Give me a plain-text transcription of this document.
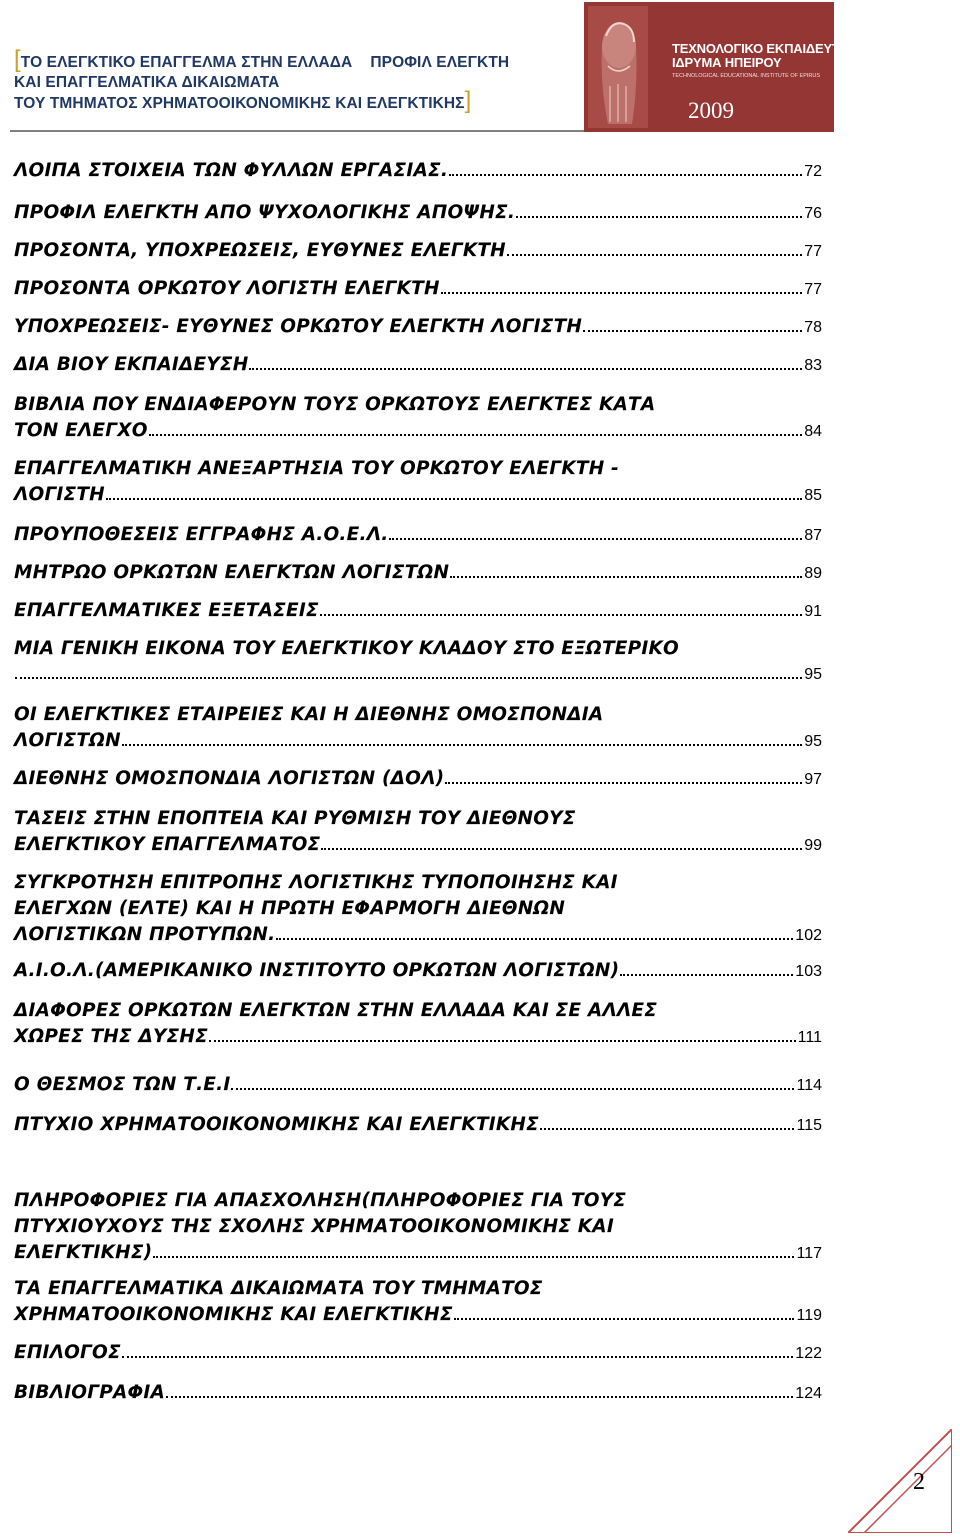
[ΤΟ ΕΛΕΓΚΤΙΚΟ ΕΠΑΓΓΕΛΜΑ ΣΤΗΝ ΕΛΛΑΔΑ ΠΡΟΦΙΛ ΕΛΕΓΚΤΗ
ΚΑΙ ΕΠΑΓΓΕΛΜΑΤΙΚΑ ΔΙΚΑΙΩΜΑΤΑ
ΤΟΥ ΤΜΗΜΑΤΟΣ ΧΡΗΜΑΤΟΟΙΚΟΝΟΜΙΚΗΣ ΚΑΙ ΕΛΕΓΚΤΙΚΗΣ]
ΤΕΧΝΟΛΟΓΙΚΟ ΕΚΠΑΙΔΕΥΤΙΚΟ
ΙΔΡΥΜΑ ΗΠΕΙΡΟΥ
TECHNOLOGICAL EDUCATIONAL INSTITUTE OF EPIRUS
2009
ΛΟΙΠΑ ΣΤΟΙΧΕΙΑ ΤΩΝ ΦΥΛΛΩΝ ΕΡΓΑΣΙΑΣ.	72
ΠΡΟΦΙΛ ΕΛΕΓΚΤΗ ΑΠΟ ΨΥΧΟΛΟΓΙΚΗΣ ΑΠΟΨΗΣ.	76
ΠΡΟΣΟΝΤΑ, ΥΠΟΧΡΕΩΣΕΙΣ, ΕΥΘΥΝΕΣ ΕΛΕΓΚΤΗ	77
ΠΡΟΣΟΝΤΑ ΟΡΚΩΤΟΥ ΛΟΓΙΣΤΗ ΕΛΕΓΚΤΗ	77
ΥΠΟΧΡΕΩΣΕΙΣ- ΕΥΘΥΝΕΣ ΟΡΚΩΤΟΥ ΕΛΕΓΚΤΗ ΛΟΓΙΣΤΗ	78
ΔΙΑ ΒΙΟΥ ΕΚΠΑΙΔΕΥΣΗ	83
ΒΙΒΛΙΑ ΠΟΥ ΕΝΔΙΑΦΕΡΟΥΝ ΤΟΥΣ ΟΡΚΩΤΟΥΣ ΕΛΕΓΚΤΕΣ ΚΑΤΑ
ΤΟΝ ΕΛΕΓΧΟ	84
ΕΠΑΓΓΕΛΜΑΤΙΚΗ ΑΝΕΞΑΡΤΗΣΙΑ ΤΟΥ ΟΡΚΩΤΟΥ ΕΛΕΓΚΤΗ -
ΛΟΓΙΣΤΗ	85
ΠΡΟΥΠΟΘΕΣΕΙΣ ΕΓΓΡΑΦΗΣ Α.Ο.Ε.Λ.	87
ΜΗΤΡΩΟ ΟΡΚΩΤΩΝ ΕΛΕΓΚΤΩΝ ΛΟΓΙΣΤΩΝ	89
ΕΠΑΓΓΕΛΜΑΤΙΚΕΣ ΕΞΕΤΑΣΕΙΣ	91
ΜΙΑ ΓΕΝΙΚΗ ΕΙΚΟΝΑ ΤΟΥ ΕΛΕΓΚΤΙΚΟΥ ΚΛΑΔΟΥ ΣΤΟ ΕΞΩΤΕΡΙΚΟ
95
ΟΙ ΕΛΕΓΚΤΙΚΕΣ ΕΤΑΙΡΕΙΕΣ ΚΑΙ Η ΔΙΕΘΝΗΣ ΟΜΟΣΠΟΝΔΙΑ
ΛΟΓΙΣΤΩΝ	95
ΔΙΕΘΝΗΣ ΟΜΟΣΠΟΝΔΙΑ ΛΟΓΙΣΤΩΝ (ΔΟΛ)	97
ΤΑΣΕΙΣ ΣΤΗΝ ΕΠΟΠΤΕΙΑ ΚΑΙ ΡΥΘΜΙΣΗ ΤΟΥ ΔΙΕΘΝΟΥΣ
ΕΛΕΓΚΤΙΚΟΥ ΕΠΑΓΓΕΛΜΑΤΟΣ	99
ΣΥΓΚΡΟΤΗΣΗ ΕΠΙΤΡΟΠΗΣ ΛΟΓΙΣΤΙΚΗΣ ΤΥΠΟΠΟΙΗΣΗΣ ΚΑΙ
ΕΛΕΓΧΩΝ (ΕΛΤΕ) ΚΑΙ Η ΠΡΩΤΗ ΕΦΑΡΜΟΓΗ ΔΙΕΘΝΩΝ
ΛΟΓΙΣΤΙΚΩΝ ΠΡΟΤΥΠΩΝ.	102
Α.Ι.Ο.Λ.(ΑΜΕΡΙΚΑΝΙΚΟ ΙΝΣΤΙΤΟΥΤΟ ΟΡΚΩΤΩΝ ΛΟΓΙΣΤΩΝ)	103
ΔΙΑΦΟΡΕΣ ΟΡΚΩΤΩΝ ΕΛΕΓΚΤΩΝ ΣΤΗΝ ΕΛΛΑΔΑ ΚΑΙ ΣΕ ΑΛΛΕΣ
ΧΩΡΕΣ ΤΗΣ ΔΥΣΗΣ	111
Ο ΘΕΣΜΟΣ ΤΩΝ Τ.Ε.Ι	114
ΠΤΥΧΙΟ ΧΡΗΜΑΤΟΟΙΚΟΝΟΜΙΚΗΣ ΚΑΙ ΕΛΕΓΚΤΙΚΗΣ	115
ΠΛΗΡΟΦΟΡΙΕΣ ΓΙΑ ΑΠΑΣΧΟΛΗΣΗ(ΠΛΗΡΟΦΟΡΙΕΣ ΓΙΑ ΤΟΥΣ
ΠΤΥΧΙΟΥΧΟΥΣ ΤΗΣ ΣΧΟΛΗΣ ΧΡΗΜΑΤΟΟΙΚΟΝΟΜΙΚΗΣ ΚΑΙ
ΕΛΕΓΚΤΙΚΗΣ)	117
ΤΑ ΕΠΑΓΓΕΛΜΑΤΙΚΑ ΔΙΚΑΙΩΜΑΤΑ ΤΟΥ ΤΜΗΜΑΤΟΣ
ΧΡΗΜΑΤΟΟΙΚΟΝΟΜΙΚΗΣ ΚΑΙ ΕΛΕΓΚΤΙΚΗΣ	119
ΕΠΙΛΟΓΟΣ	122
ΒΙΒΛΙΟΓΡΑΦΙΑ	124
2
